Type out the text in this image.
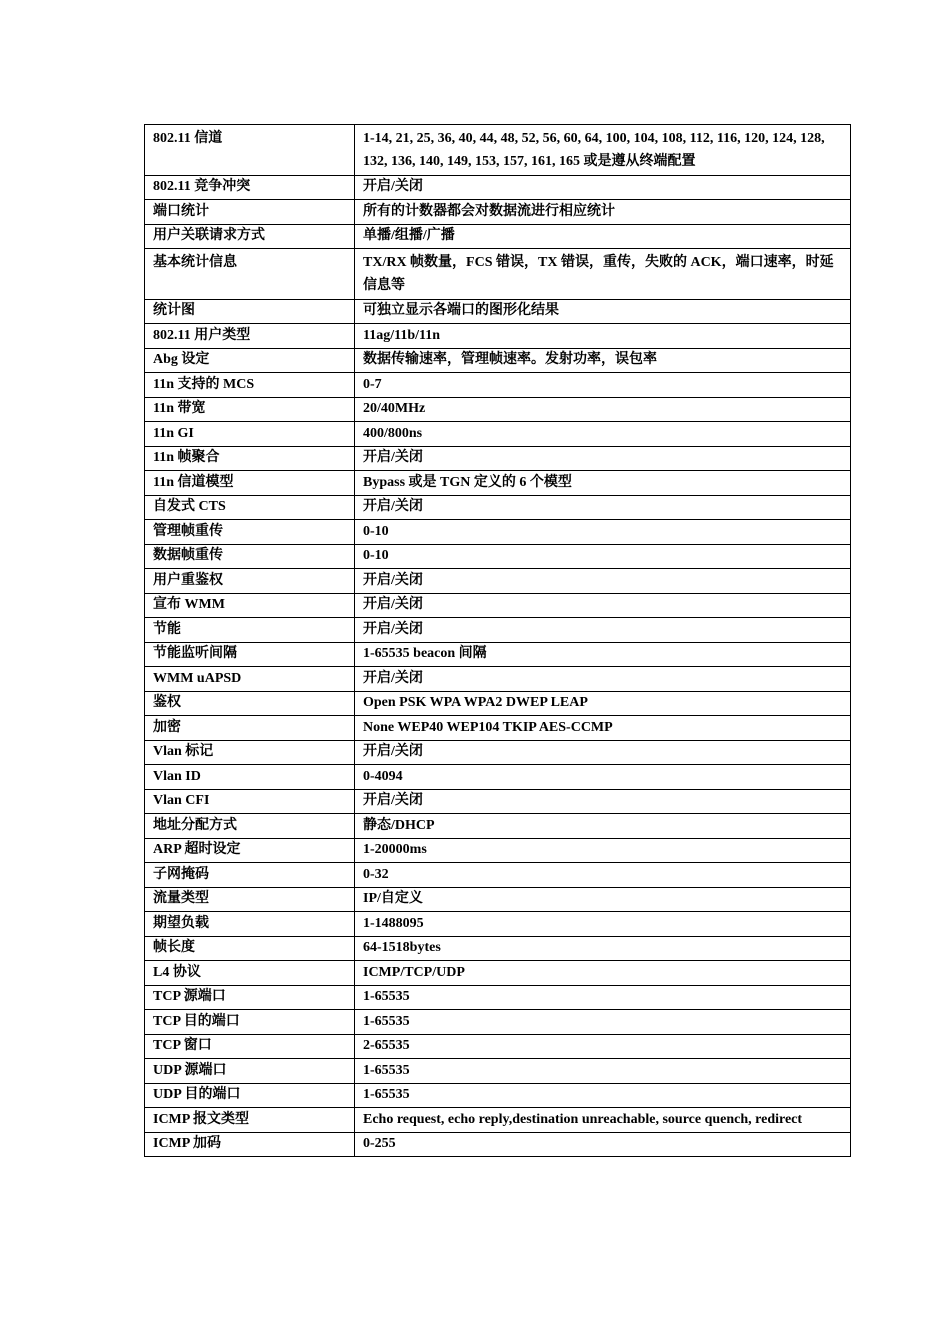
802.11 信道	1-14, 21, 25, 36, 40, 44, 48, 52, 56, 60, 64, 100, 104, 108, 112, 116, 120, 124, 128, 132, 136, 140, 149, 153, 157, 161, 165 或是遵从终端配置
802.11 竞争冲突	开启/关闭
端口统计	所有的计数器都会对数据流进行相应统计
用户关联请求方式	单播/组播/广播
基本统计信息	TX/RX 帧数量，FCS 错误，TX 错误，重传，失败的 ACK，端口速率，时延信息等
统计图	可独立显示各端口的图形化结果
802.11 用户类型	11ag/11b/11n
Abg 设定	数据传输速率，管理帧速率。发射功率，误包率
11n 支持的 MCS	0-7
11n 带宽	20/40MHz
11n GI	400/800ns
11n 帧聚合	开启/关闭
11n 信道模型	Bypass 或是 TGN 定义的 6 个模型
自发式 CTS	开启/关闭
管理帧重传	0-10
数据帧重传	0-10
用户重鉴权	开启/关闭
宣布 WMM	开启/关闭
节能	开启/关闭
节能监听间隔	1-65535 beacon 间隔
WMM uAPSD	开启/关闭
鉴权	Open PSK WPA WPA2 DWEP LEAP
加密	None WEP40 WEP104 TKIP AES-CCMP
Vlan 标记	开启/关闭
Vlan ID	0-4094
Vlan CFI	开启/关闭
地址分配方式	静态/DHCP
ARP 超时设定	1-20000ms
子网掩码	0-32
流量类型	IP/自定义
期望负载	1-1488095
帧长度	64-1518bytes
L4 协议	ICMP/TCP/UDP
TCP 源端口	1-65535
TCP 目的端口	1-65535
TCP 窗口	2-65535
UDP 源端口	1-65535
UDP 目的端口	1-65535
ICMP 报文类型	Echo request, echo reply,destination unreachable, source quench, redirect
ICMP 加码	0-255
